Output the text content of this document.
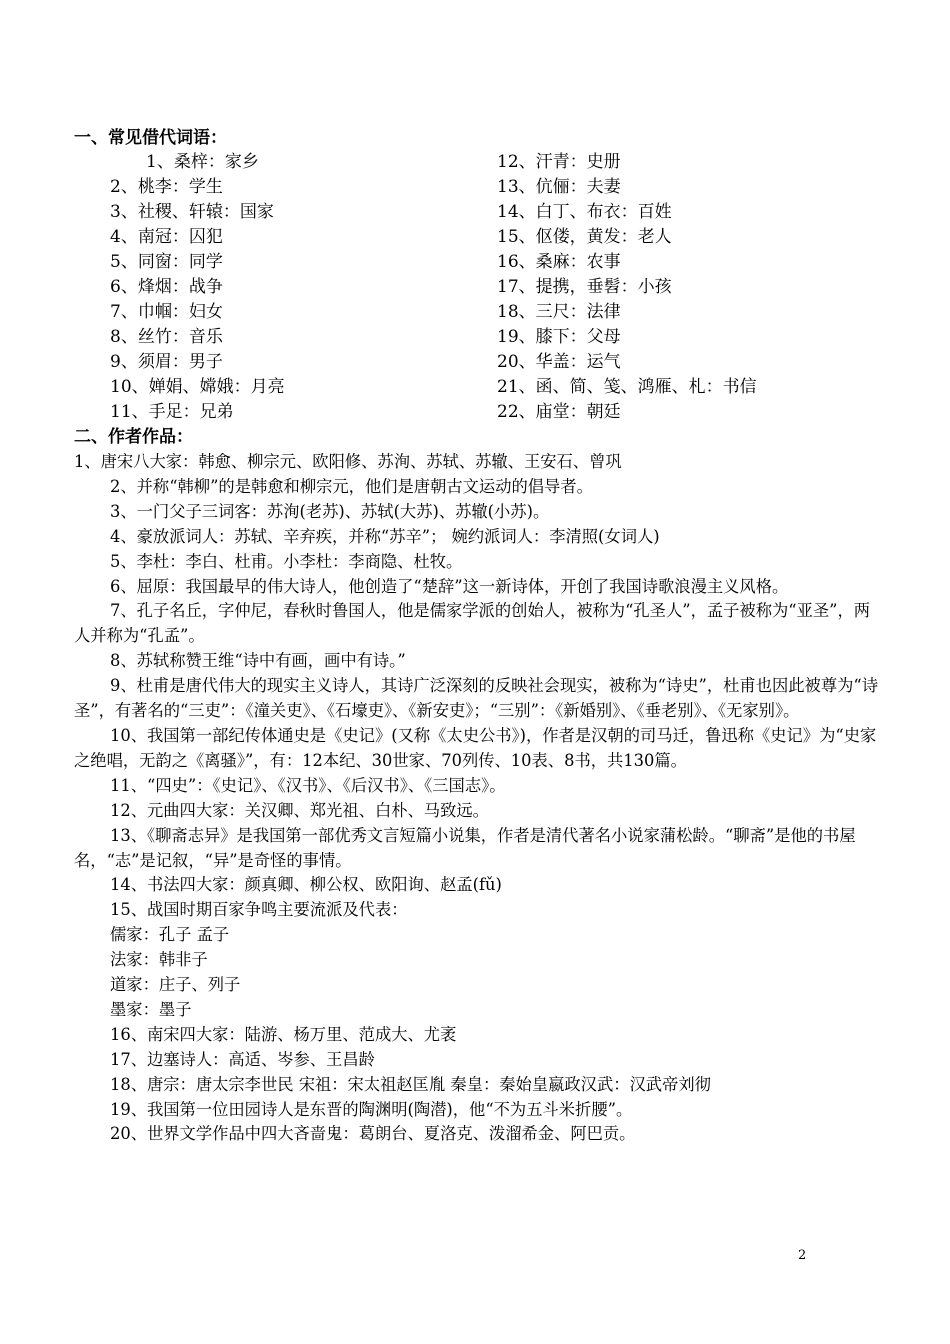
一、常见借代词语：
1、桑梓：家乡
2、桃李：学生
3、社稷、轩辕：国家
4、南冠：囚犯
5、同窗：同学
6、烽烟：战争
7、巾帼：妇女
8、丝竹：音乐
9、须眉：男子
10、婵娟、嫦娥：月亮
11、手足：兄弟
12、汗青：史册
13、伉俪：夫妻
14、白丁、布衣：百姓
15、伛偻，黄发：老人
16、桑麻：农事
17、提携，垂髫：小孩
18、三尺：法律
19、膝下：父母
20、华盖：运气
21、函、简、笺、鸿雁、札：书信
22、庙堂：朝廷
二、作者作品：

1、唐宋八大家：韩愈、柳宗元、欧阳修、苏洵、苏轼、苏辙、王安石、曾巩

2、并称“韩柳”的是韩愈和柳宗元，他们是唐朝古文运动的倡导者。

3、一门父子三词客：苏洵(老苏)、苏轼(大苏)、苏辙(小苏)。

4、豪放派词人：苏轼、辛弃疾，并称“苏辛”； 婉约派词人：李清照(女词人)

5、李杜：李白、杜甫。小李杜：李商隐、杜牧。

6、屈原：我国最早的伟大诗人，他创造了“楚辞”这一新诗体，开创了我国诗歌浪漫主义风格。

7、孔子名丘，字仲尼，春秋时鲁国人，他是儒家学派的创始人，被称为“孔圣人”，孟子被称为“亚圣”，两人并称为“孔孟”。

8、苏轼称赞王维“诗中有画，画中有诗。”

9、杜甫是唐代伟大的现实主义诗人，其诗广泛深刻的反映社会现实，被称为“诗史”，杜甫也因此被尊为“诗圣”，有著名的“三吏”：《潼关吏》、《石壕吏》、《新安吏》；“三别”：《新婚别》、《垂老别》、《无家别》。

10、我国第一部纪传体通史是《史记》(又称《太史公书》)，作者是汉朝的司马迁，鲁迅称《史记》为“史家之绝唱，无韵之《离骚》”，有：12本纪、30世家、70列传、10表、8书，共130篇。

11、“四史”：《史记》、《汉书》、《后汉书》、《三国志》。

12、元曲四大家：关汉卿、郑光祖、白朴、马致远。

13、《聊斋志异》是我国第一部优秀文言短篇小说集，作者是清代著名小说家蒲松龄。“聊斋”是他的书屋名，“志”是记叙，“异”是奇怪的事情。

14、书法四大家：颜真卿、柳公权、欧阳询、赵孟(fǔ)

15、战国时期百家争鸣主要流派及代表：

儒家：孔子 孟子

法家：韩非子

道家：庄子、列子

墨家：墨子

16、南宋四大家：陆游、杨万里、范成大、尤袤

17、边塞诗人：高适、岑参、王昌龄

18、唐宗：唐太宗李世民 宋祖：宋太祖赵匡胤 秦皇：秦始皇嬴政汉武：汉武帝刘彻

19、我国第一位田园诗人是东晋的陶渊明(陶潜)，他“不为五斗米折腰”。

20、世界文学作品中四大吝啬鬼：葛朗台、夏洛克、泼溜希金、阿巴贡。

2
